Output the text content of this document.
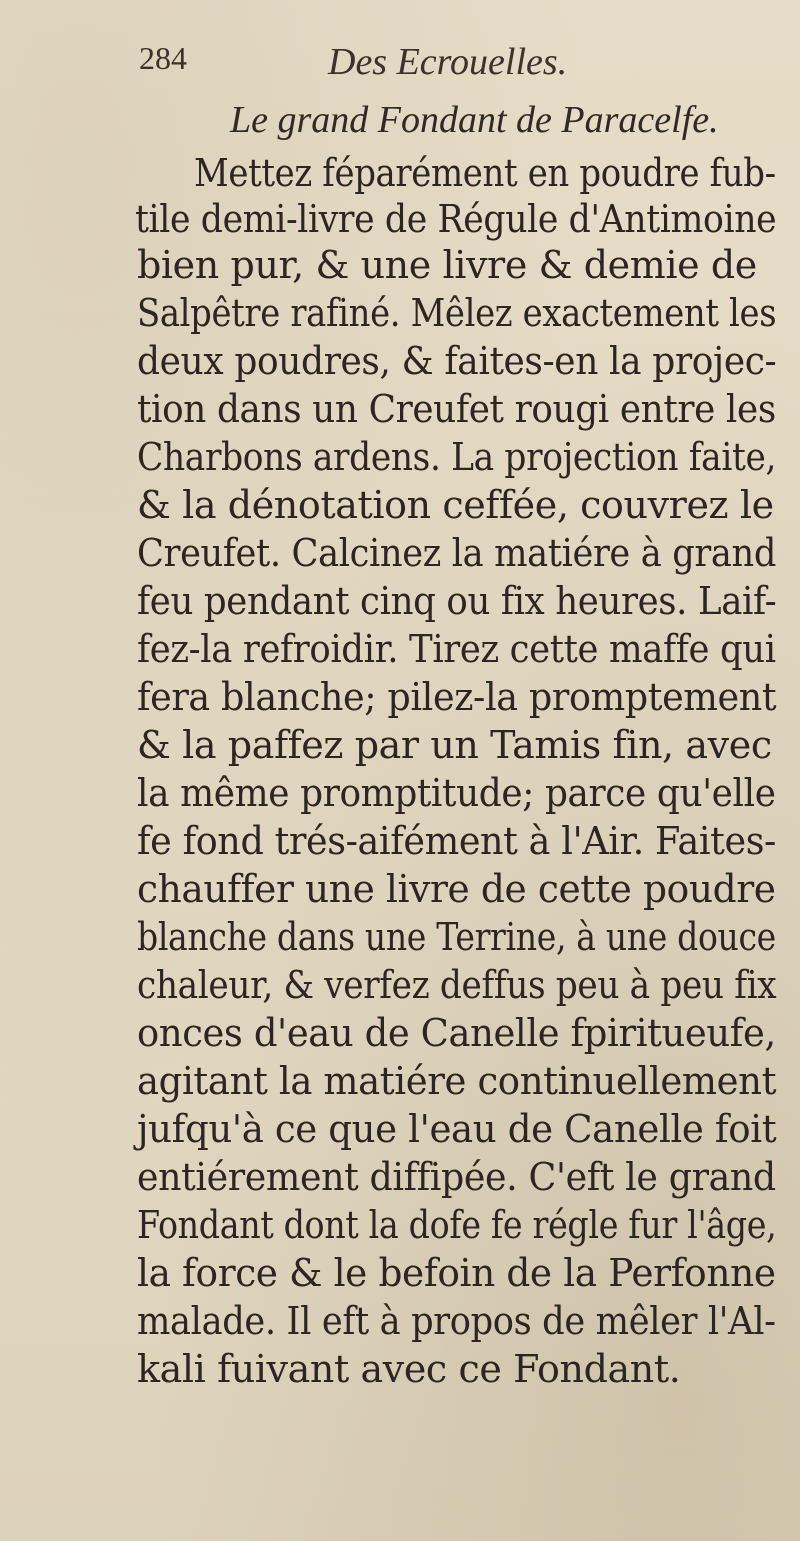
284	Des Ecrouelles.
Le grand Fondant de Paracelfe.
Mettez féparément en poudre fub-
tile demi-livre de Régule d'Antimoine
bien pur, & une livre & demie de
Salpêtre rafiné. Mêlez exactement les
deux poudres, & faites-en la projec-
tion dans un Creufet rougi entre les
Charbons ardens. La projection faite,
& la dénotation ceffée, couvrez le
Creufet. Calcinez la matiére à grand
feu pendant cinq ou fix heures. Laif-
fez-la refroidir. Tirez cette maffe qui
fera blanche; pilez-la promptement
& la paffez par un Tamis fin, avec
la même promptitude; parce qu'elle
fe fond trés-aifément à l'Air. Faites-
chauffer une livre de cette poudre
blanche dans une Terrine, à une douce
chaleur, & verfez deffus peu à peu fix
onces d'eau de Canelle fpiritueufe,
agitant la matiére continuellement
jufqu'à ce que l'eau de Canelle foit
entiérement diffipée. C'eft le grand
Fondant dont la dofe fe régle fur l'âge,
la force & le befoin de la Perfonne
malade. Il eft à propos de mêler l'Al-
kali fuivant avec ce Fondant.
